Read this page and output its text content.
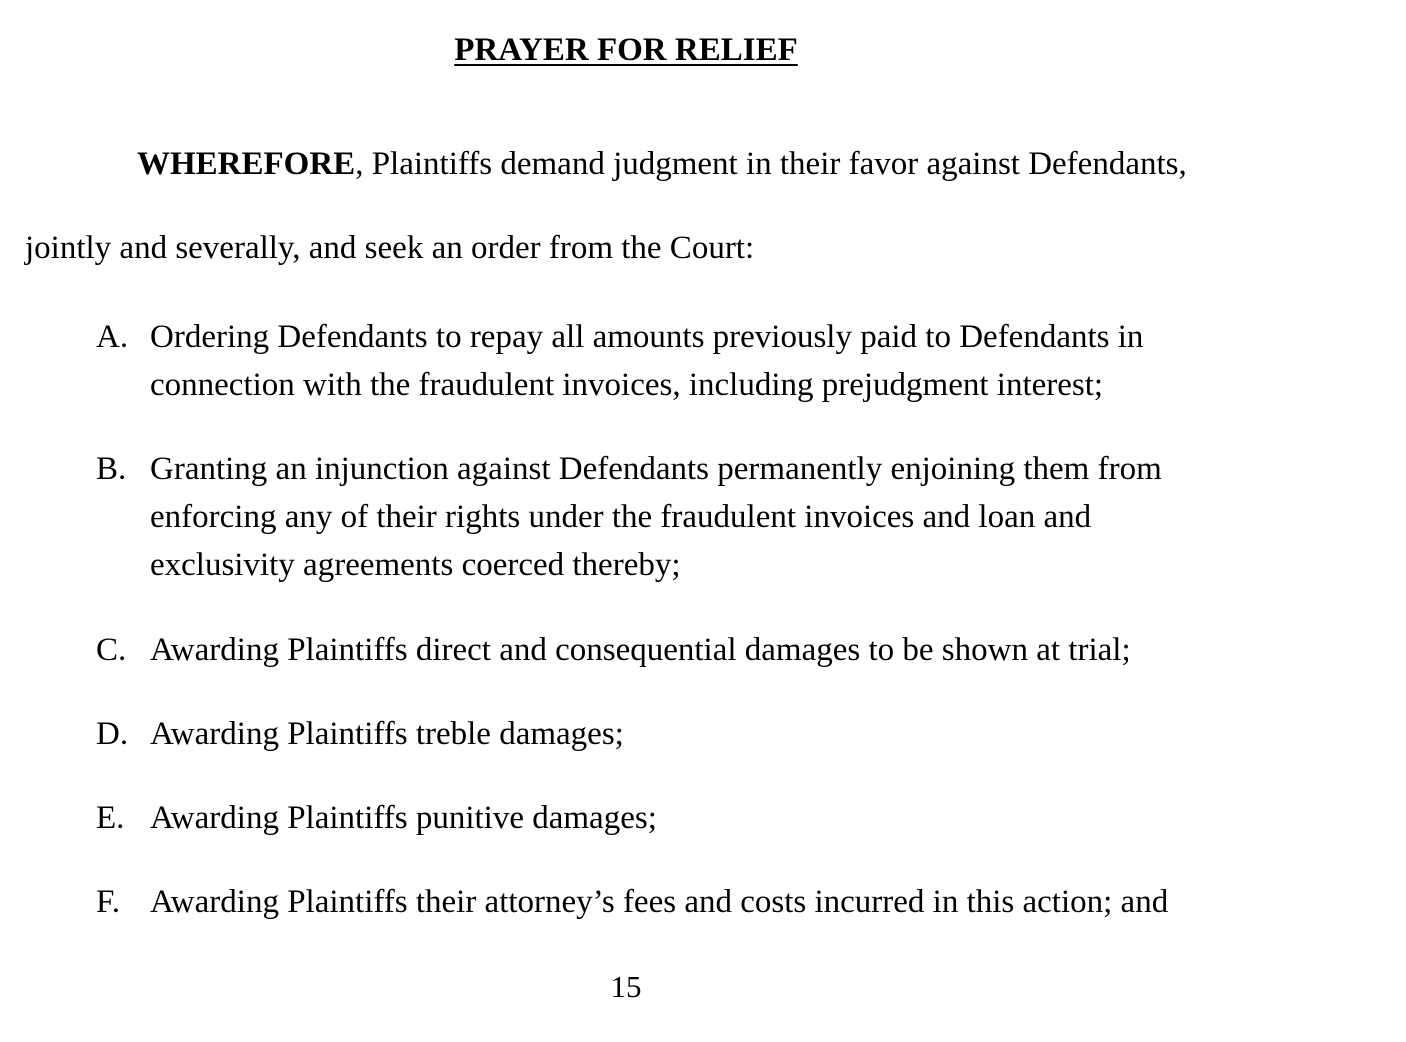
PRAYER FOR RELIEF
WHEREFORE, Plaintiffs demand judgment in their favor against Defendants,
jointly and severally, and seek an order from the Court:
A. Ordering Defendants to repay all amounts previously paid to Defendants in
connection with the fraudulent invoices, including prejudgment interest;
B. Granting an injunction against Defendants permanently enjoining them from
enforcing any of their rights under the fraudulent invoices and loan and
exclusivity agreements coerced thereby;
C. Awarding Plaintiffs direct and consequential damages to be shown at trial;
D. Awarding Plaintiffs treble damages;
E. Awarding Plaintiffs punitive damages;
F. Awarding Plaintiffs their attorney’s fees and costs incurred in this action; and
15
